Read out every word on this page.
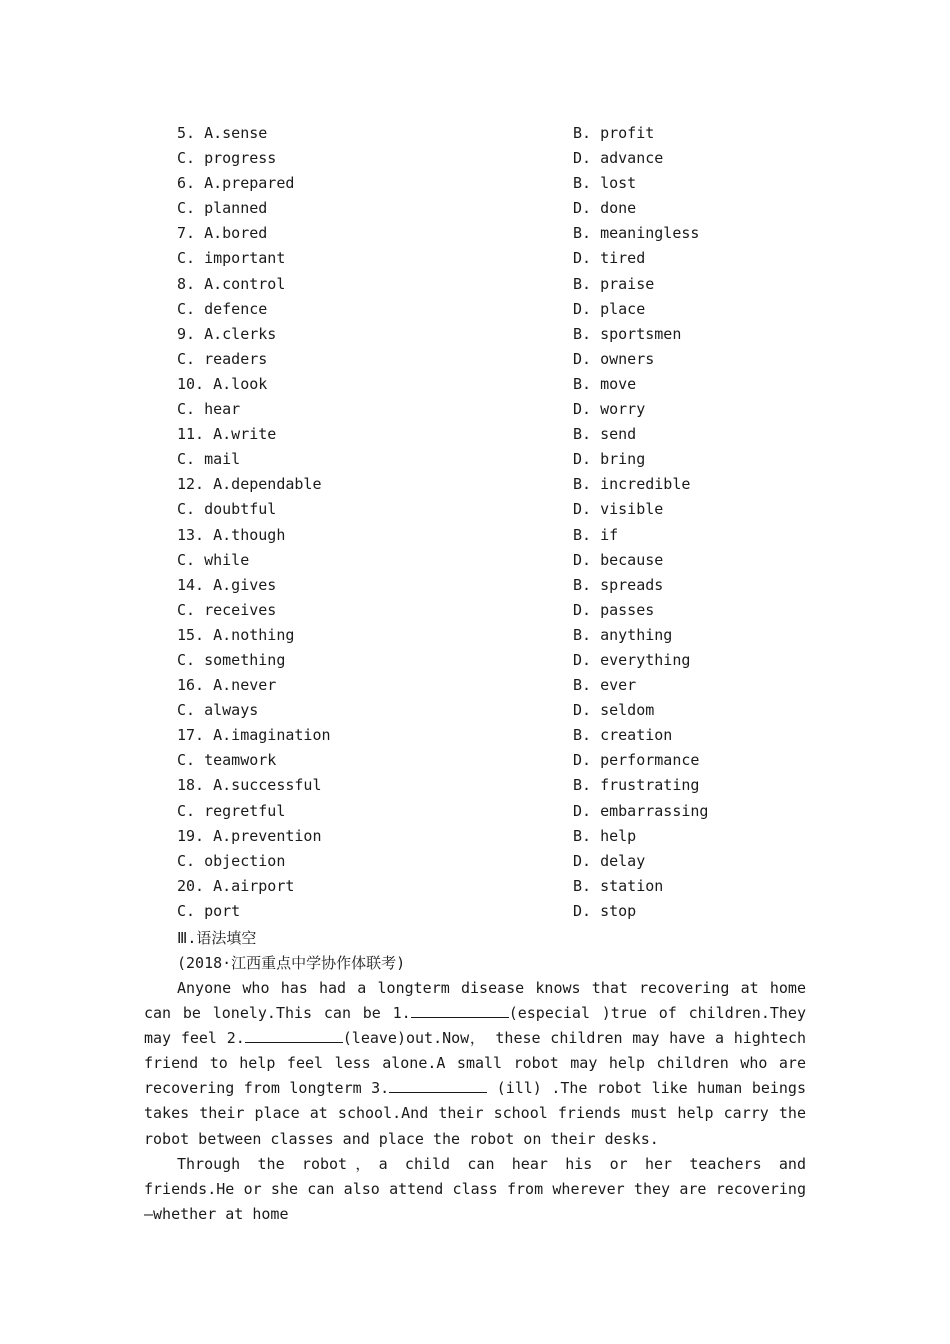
5. A.sense	B. profit
C. progress	D. advance
6. A.prepared	B. lost
C. planned	D. done
7. A.bored	B. meaningless
C. important	D. tired
8. A.control	B. praise
C. defence	D. place
9. A.clerks	B. sportsmen
C. readers	D. owners
10. A.look	B. move
C. hear	D. worry
11. A.write	B. send
C. mail	D. bring
12. A.dependable	B. incredible
C. doubtful	D. visible
13. A.though	B. if
C. while	D. because
14. A.gives	B. spreads
C. receives	D. passes
15. A.nothing	B. anything
C. something	D. everything
16. A.never	B. ever
C. always	D. seldom
17. A.imagination	B. creation
C. teamwork	D. performance
18. A.successful	B. frustrating
C. regretful	D. embarrassing
19. A.prevention	B. help
C. objection	D. delay
20. A.airport	B. station
C. port	D. stop
Ⅲ.语法填空
(2018·江西重点中学协作体联考)

Anyone who has had a longterm disease knows that recovering at home can be lonely.This can be 1.	(especial )true of children.They may feel 2.	(leave)out.Now， these children may have a hightech friend to help feel less alone.A small robot may help children who are recovering from longterm 3.	(ill) .The robot like human beings takes their place at school.And their school friends must help carry the robot between classes and place the robot on their desks.

Through the robot，a child can hear his or her teachers and friends.He or she can also attend class from wherever they are recovering—whether at home
